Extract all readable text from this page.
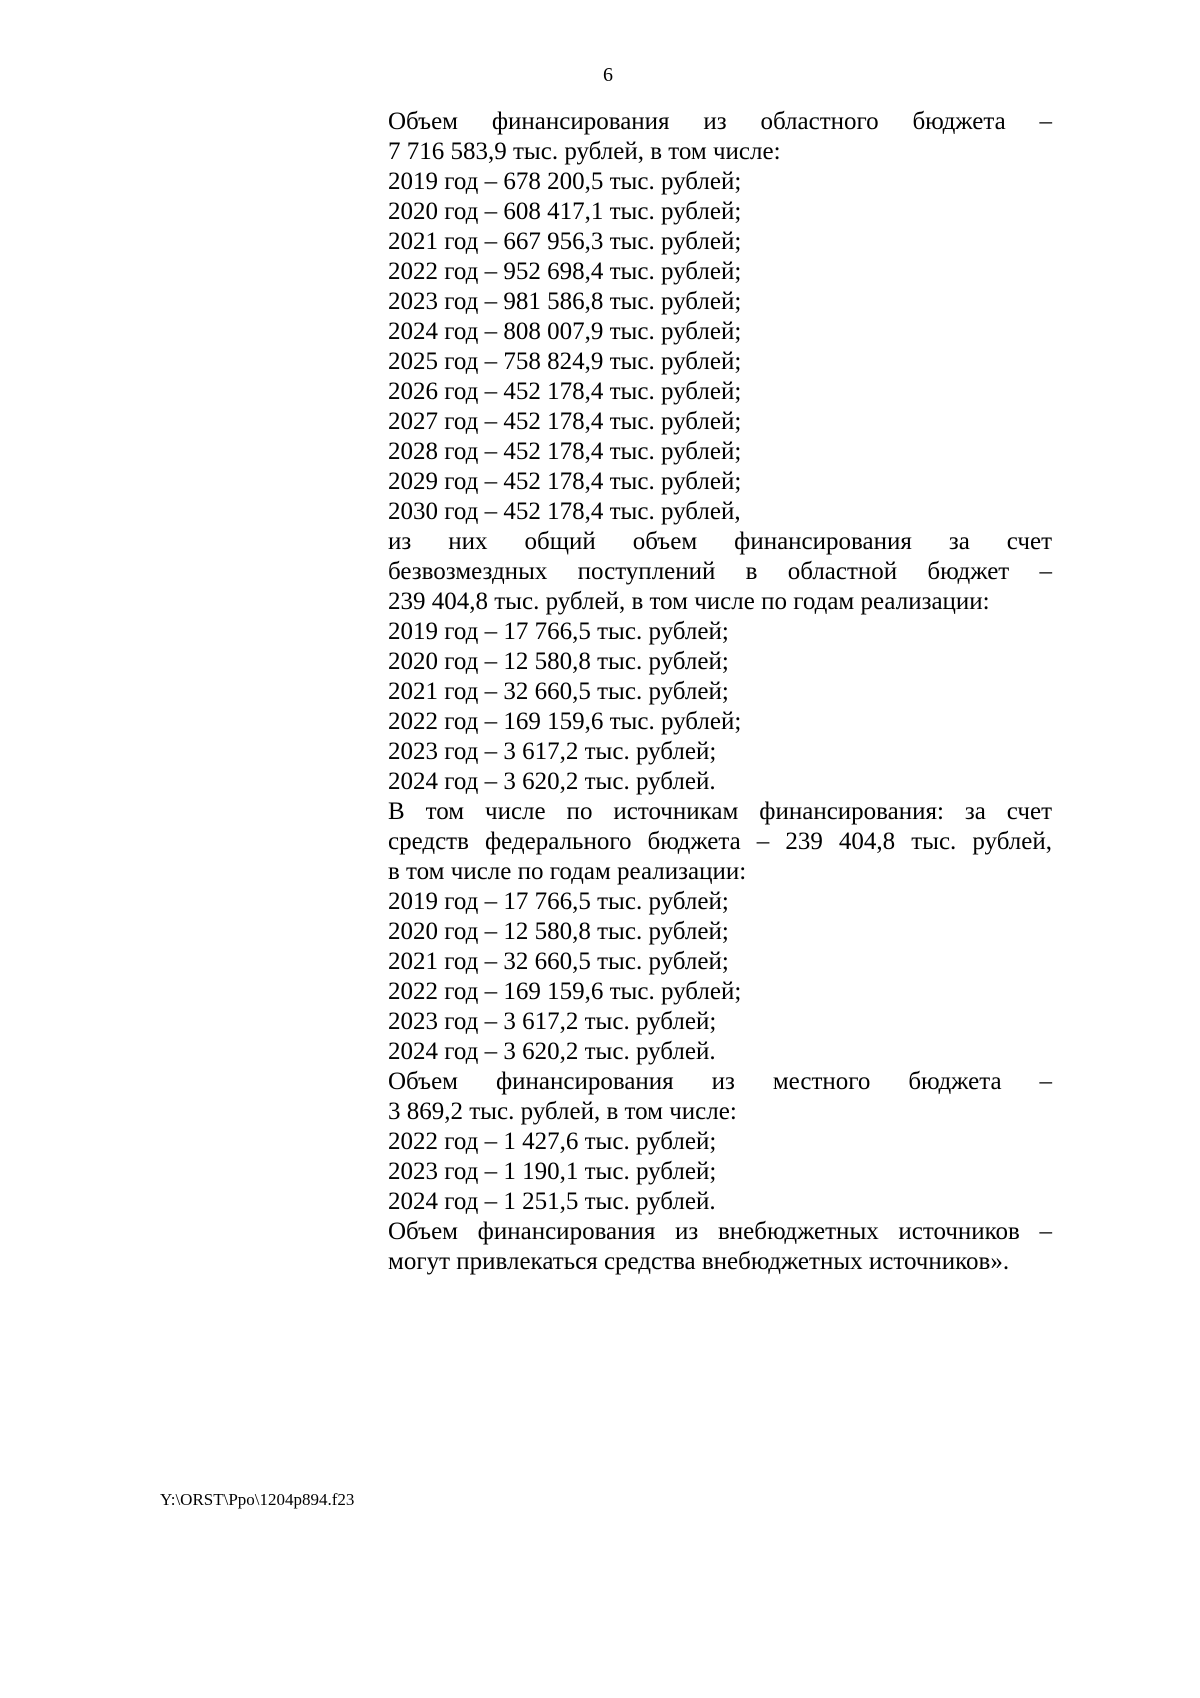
6
Объем финансирования из областного бюджета –
7 716 583,9 тыс. рублей, в том числе:
2019 год – 678 200,5 тыс. рублей;
2020 год – 608 417,1 тыс. рублей;
2021 год – 667 956,3 тыс. рублей;
2022 год – 952 698,4 тыс. рублей;
2023 год – 981 586,8 тыс. рублей;
2024 год – 808 007,9 тыс. рублей;
2025 год – 758 824,9 тыс. рублей;
2026 год – 452 178,4 тыс. рублей;
2027 год – 452 178,4 тыс. рублей;
2028 год – 452 178,4 тыс. рублей;
2029 год – 452 178,4 тыс. рублей;
2030 год – 452 178,4 тыс. рублей,
из них общий объем финансирования за счет
безвозмездных поступлений в областной бюджет –
239 404,8 тыс. рублей, в том числе по годам реализации:
2019 год – 17 766,5 тыс. рублей;
2020 год – 12 580,8 тыс. рублей;
2021 год – 32 660,5 тыс. рублей;
2022 год – 169 159,6 тыс. рублей;
2023 год – 3 617,2 тыс. рублей;
2024 год – 3 620,2 тыс. рублей.
В том числе по источникам финансирования: за счет
средств федерального бюджета – 239 404,8 тыс. рублей,
в том числе по годам реализации:
2019 год – 17 766,5 тыс. рублей;
2020 год – 12 580,8 тыс. рублей;
2021 год – 32 660,5 тыс. рублей;
2022 год – 169 159,6 тыс. рублей;
2023 год – 3 617,2 тыс. рублей;
2024 год – 3 620,2 тыс. рублей.
Объем финансирования из местного бюджета –
3 869,2 тыс. рублей, в том числе:
2022 год – 1 427,6 тыс. рублей;
2023 год – 1 190,1 тыс. рублей;
2024 год – 1 251,5 тыс. рублей.
Объем финансирования из внебюджетных источников –
могут привлекаться средства внебюджетных источников».
Y:\ORST\Ppo\1204p894.f23
